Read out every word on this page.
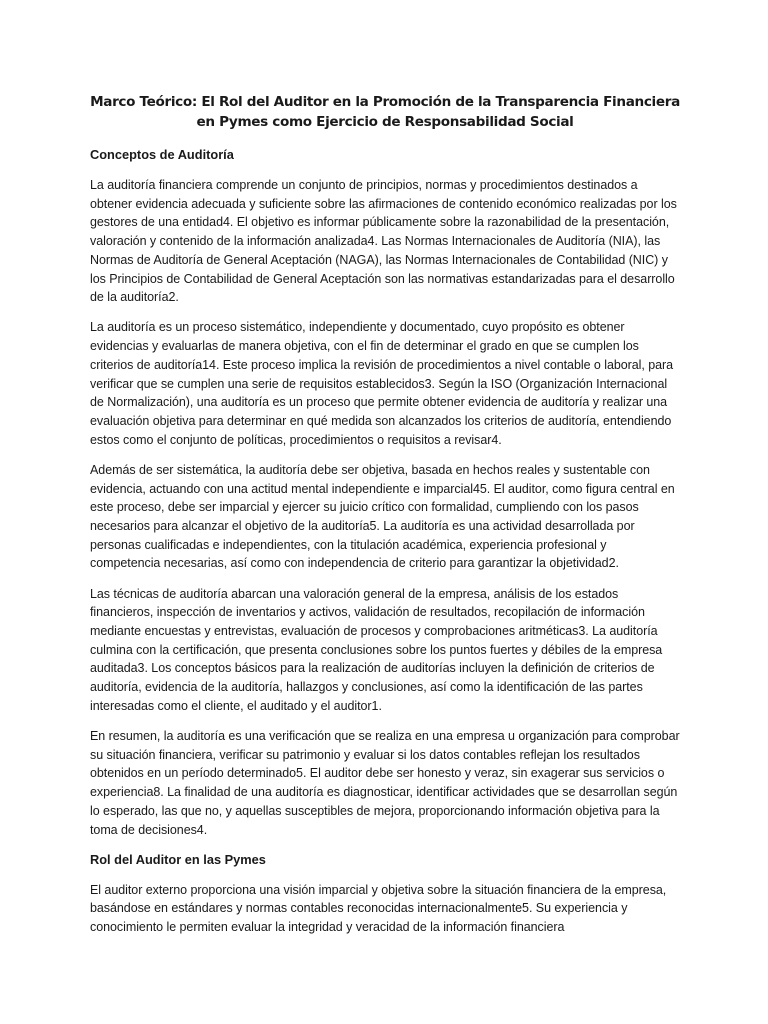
Marco Teórico: El Rol del Auditor en la Promoción de la Transparencia Financiera en Pymes como Ejercicio de Responsabilidad Social
Conceptos de Auditoría

La auditoría financiera comprende un conjunto de principios, normas y procedimientos destinados a obtener evidencia adecuada y suficiente sobre las afirmaciones de contenido económico realizadas por los gestores de una entidad4. El objetivo es informar públicamente sobre la razonabilidad de la presentación, valoración y contenido de la información analizada4. Las Normas Internacionales de Auditoría (NIA), las Normas de Auditoría de General Aceptación (NAGA), las Normas Internacionales de Contabilidad (NIC) y los Principios de Contabilidad de General Aceptación son las normativas estandarizadas para el desarrollo de la auditoría2.

La auditoría es un proceso sistemático, independiente y documentado, cuyo propósito es obtener evidencias y evaluarlas de manera objetiva, con el fin de determinar el grado en que se cumplen los criterios de auditoría14. Este proceso implica la revisión de procedimientos a nivel contable o laboral, para verificar que se cumplen una serie de requisitos establecidos3. Según la ISO (Organización Internacional de Normalización), una auditoría es un proceso que permite obtener evidencia de auditoría y realizar una evaluación objetiva para determinar en qué medida son alcanzados los criterios de auditoría, entendiendo estos como el conjunto de políticas, procedimientos o requisitos a revisar4.

Además de ser sistemática, la auditoría debe ser objetiva, basada en hechos reales y sustentable con evidencia, actuando con una actitud mental independiente e imparcial45. El auditor, como figura central en este proceso, debe ser imparcial y ejercer su juicio crítico con formalidad, cumpliendo con los pasos necesarios para alcanzar el objetivo de la auditoría5. La auditoría es una actividad desarrollada por personas cualificadas e independientes, con la titulación académica, experiencia profesional y competencia necesarias, así como con independencia de criterio para garantizar la objetividad2.

Las técnicas de auditoría abarcan una valoración general de la empresa, análisis de los estados financieros, inspección de inventarios y activos, validación de resultados, recopilación de información mediante encuestas y entrevistas, evaluación de procesos y comprobaciones aritméticas3. La auditoría culmina con la certificación, que presenta conclusiones sobre los puntos fuertes y débiles de la empresa auditada3. Los conceptos básicos para la realización de auditorías incluyen la definición de criterios de auditoría, evidencia de la auditoría, hallazgos y conclusiones, así como la identificación de las partes interesadas como el cliente, el auditado y el auditor1.

En resumen, la auditoría es una verificación que se realiza en una empresa u organización para comprobar su situación financiera, verificar su patrimonio y evaluar si los datos contables reflejan los resultados obtenidos en un período determinado5. El auditor debe ser honesto y veraz, sin exagerar sus servicios o experiencia8. La finalidad de una auditoría es diagnosticar, identificar actividades que se desarrollan según lo esperado, las que no, y aquellas susceptibles de mejora, proporcionando información objetiva para la toma de decisiones4.

Rol del Auditor en las Pymes

El auditor externo proporciona una visión imparcial y objetiva sobre la situación financiera de la empresa, basándose en estándares y normas contables reconocidas internacionalmente5. Su experiencia y conocimiento le permiten evaluar la integridad y veracidad de la información financiera
